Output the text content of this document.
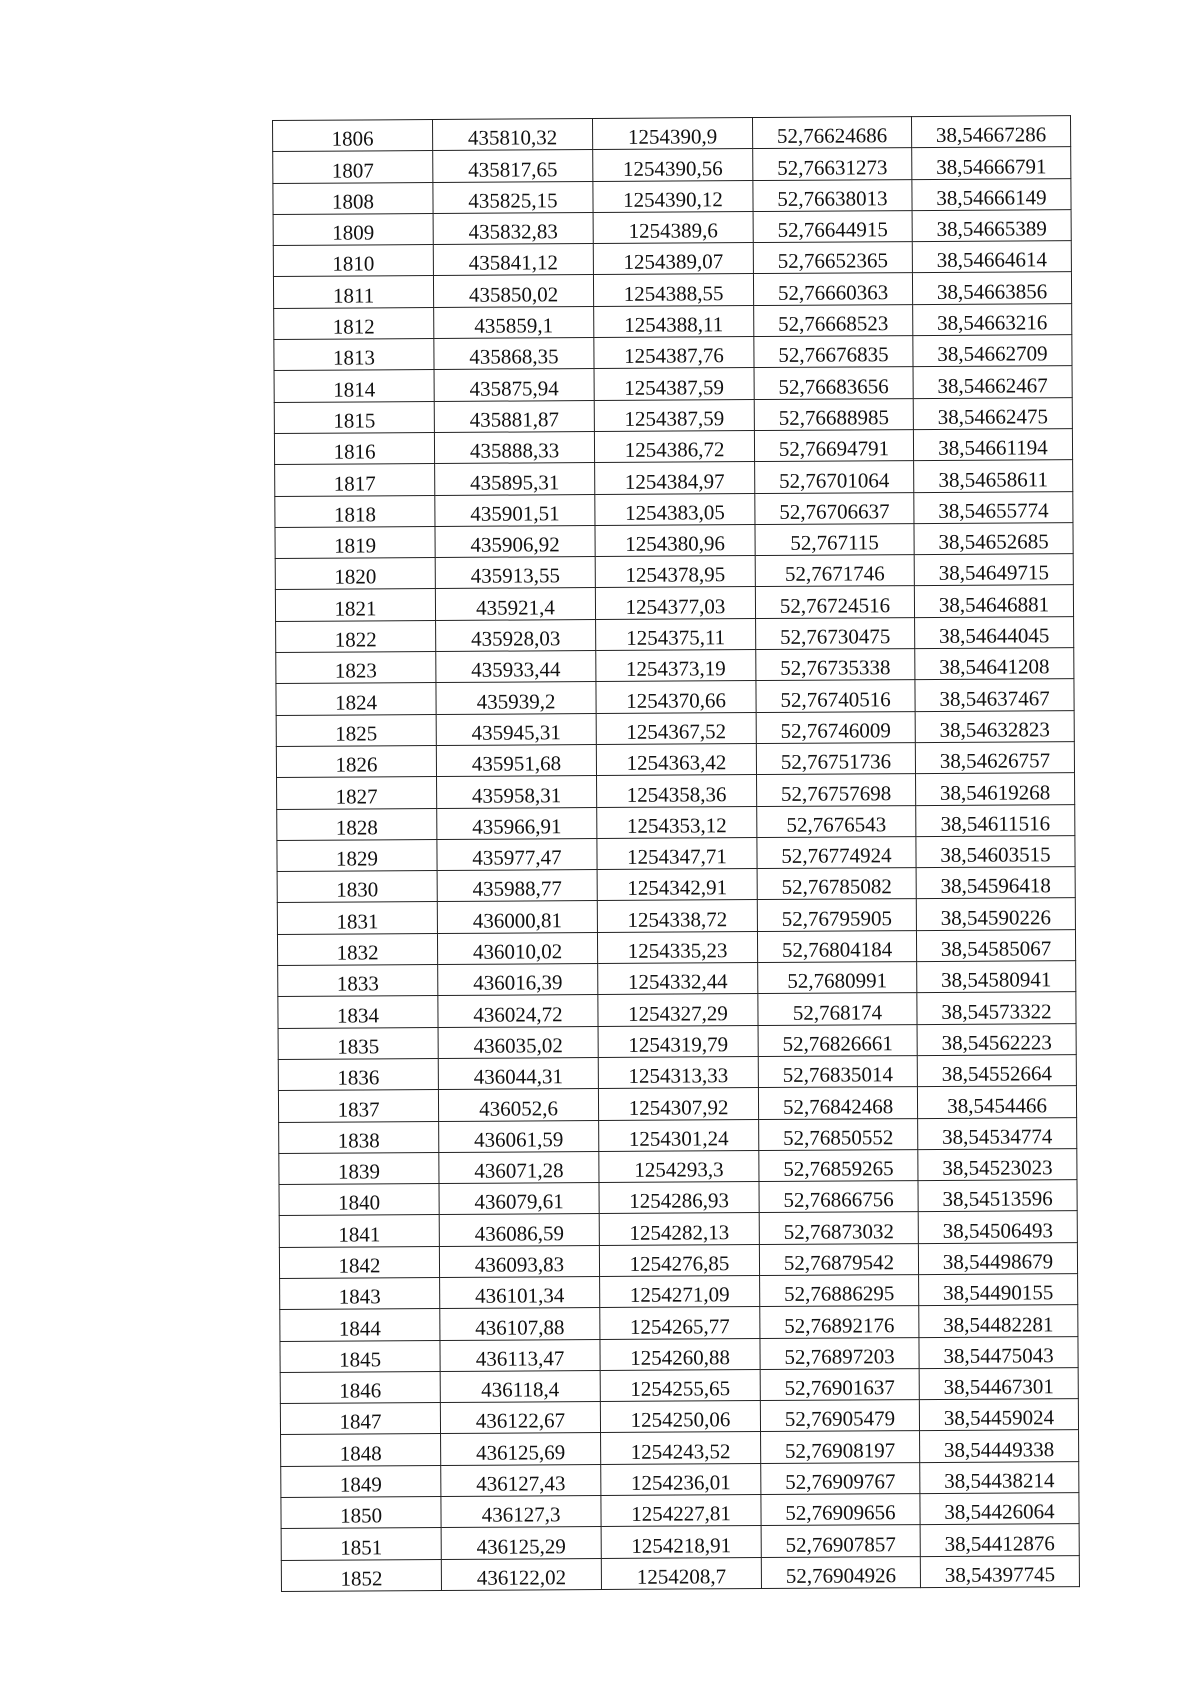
1806	435810,32	1254390,9	52,76624686	38,54667286
1807	435817,65	1254390,56	52,76631273	38,54666791
1808	435825,15	1254390,12	52,76638013	38,54666149
1809	435832,83	1254389,6	52,76644915	38,54665389
1810	435841,12	1254389,07	52,76652365	38,54664614
1811	435850,02	1254388,55	52,76660363	38,54663856
1812	435859,1	1254388,11	52,76668523	38,54663216
1813	435868,35	1254387,76	52,76676835	38,54662709
1814	435875,94	1254387,59	52,76683656	38,54662467
1815	435881,87	1254387,59	52,76688985	38,54662475
1816	435888,33	1254386,72	52,76694791	38,54661194
1817	435895,31	1254384,97	52,76701064	38,54658611
1818	435901,51	1254383,05	52,76706637	38,54655774
1819	435906,92	1254380,96	52,767115	38,54652685
1820	435913,55	1254378,95	52,7671746	38,54649715
1821	435921,4	1254377,03	52,76724516	38,54646881
1822	435928,03	1254375,11	52,76730475	38,54644045
1823	435933,44	1254373,19	52,76735338	38,54641208
1824	435939,2	1254370,66	52,76740516	38,54637467
1825	435945,31	1254367,52	52,76746009	38,54632823
1826	435951,68	1254363,42	52,76751736	38,54626757
1827	435958,31	1254358,36	52,76757698	38,54619268
1828	435966,91	1254353,12	52,7676543	38,54611516
1829	435977,47	1254347,71	52,76774924	38,54603515
1830	435988,77	1254342,91	52,76785082	38,54596418
1831	436000,81	1254338,72	52,76795905	38,54590226
1832	436010,02	1254335,23	52,76804184	38,54585067
1833	436016,39	1254332,44	52,7680991	38,54580941
1834	436024,72	1254327,29	52,768174	38,54573322
1835	436035,02	1254319,79	52,76826661	38,54562223
1836	436044,31	1254313,33	52,76835014	38,54552664
1837	436052,6	1254307,92	52,76842468	38,5454466
1838	436061,59	1254301,24	52,76850552	38,54534774
1839	436071,28	1254293,3	52,76859265	38,54523023
1840	436079,61	1254286,93	52,76866756	38,54513596
1841	436086,59	1254282,13	52,76873032	38,54506493
1842	436093,83	1254276,85	52,76879542	38,54498679
1843	436101,34	1254271,09	52,76886295	38,54490155
1844	436107,88	1254265,77	52,76892176	38,54482281
1845	436113,47	1254260,88	52,76897203	38,54475043
1846	436118,4	1254255,65	52,76901637	38,54467301
1847	436122,67	1254250,06	52,76905479	38,54459024
1848	436125,69	1254243,52	52,76908197	38,54449338
1849	436127,43	1254236,01	52,76909767	38,54438214
1850	436127,3	1254227,81	52,76909656	38,54426064
1851	436125,29	1254218,91	52,76907857	38,54412876
1852	436122,02	1254208,7	52,76904926	38,54397745
